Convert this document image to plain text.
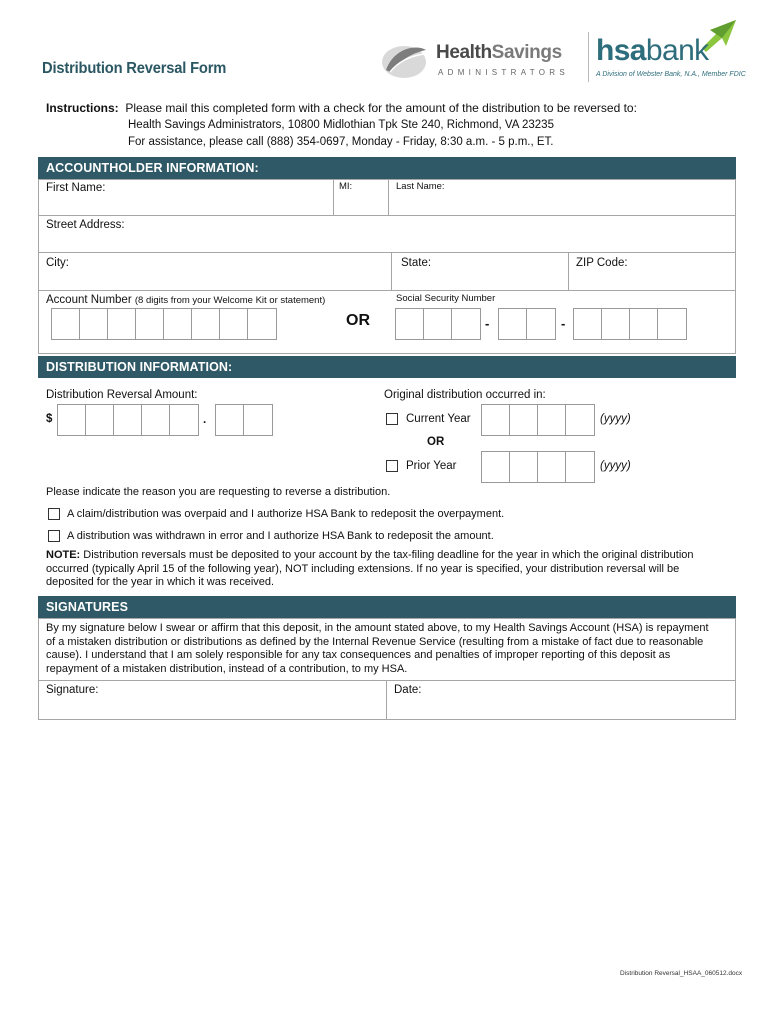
Distribution Reversal Form
HealthSavings
ADMINISTRATORS
hsabank
A Division of Webster Bank, N.A., Member FDIC
Instructions: Please mail this completed form with a check for the amount of the distribution to be reversed to:
Health Savings Administrators, 10800 Midlothian Tpk Ste 240, Richmond, VA 23235
For assistance, please call (888) 354-0697, Monday - Friday, 8:30 a.m. - 5 p.m., ET.
ACCOUNTHOLDER INFORMATION:
First Name:	MI:	Last Name:
Street Address:
City:	State:	ZIP Code:
Account Number (8 digits from your Welcome Kit or statement)	Social Security Number
OR	-	-
DISTRIBUTION INFORMATION:
Distribution Reversal Amount:
$	.
Original distribution occurred in:
Current Year	(yyyy)
OR
Prior Year	(yyyy)
Please indicate the reason you are requesting to reverse a distribution.
A claim/distribution was overpaid and I authorize HSA Bank to redeposit the overpayment.
A distribution was withdrawn in error and I authorize HSA Bank to redeposit the amount.
NOTE: Distribution reversals must be deposited to your account by the tax-filing deadline for the year in which the original distribution
occurred (typically April 15 of the following year), NOT including extensions. If no year is specified, your distribution reversal will be
deposited for the year in which it was received.
SIGNATURES
By my signature below I swear or affirm that this deposit, in the amount stated above, to my Health Savings Account (HSA) is repayment
of a mistaken distribution or distributions as defined by the Internal Revenue Service (resulting from a mistake of fact due to reasonable
cause). I understand that I am solely responsible for any tax consequences and penalties of improper reporting of this deposit as
repayment of a mistaken distribution, instead of a contribution, to my HSA.
Signature:	Date:
Distribution Reversal_HSAA_060512.docx
